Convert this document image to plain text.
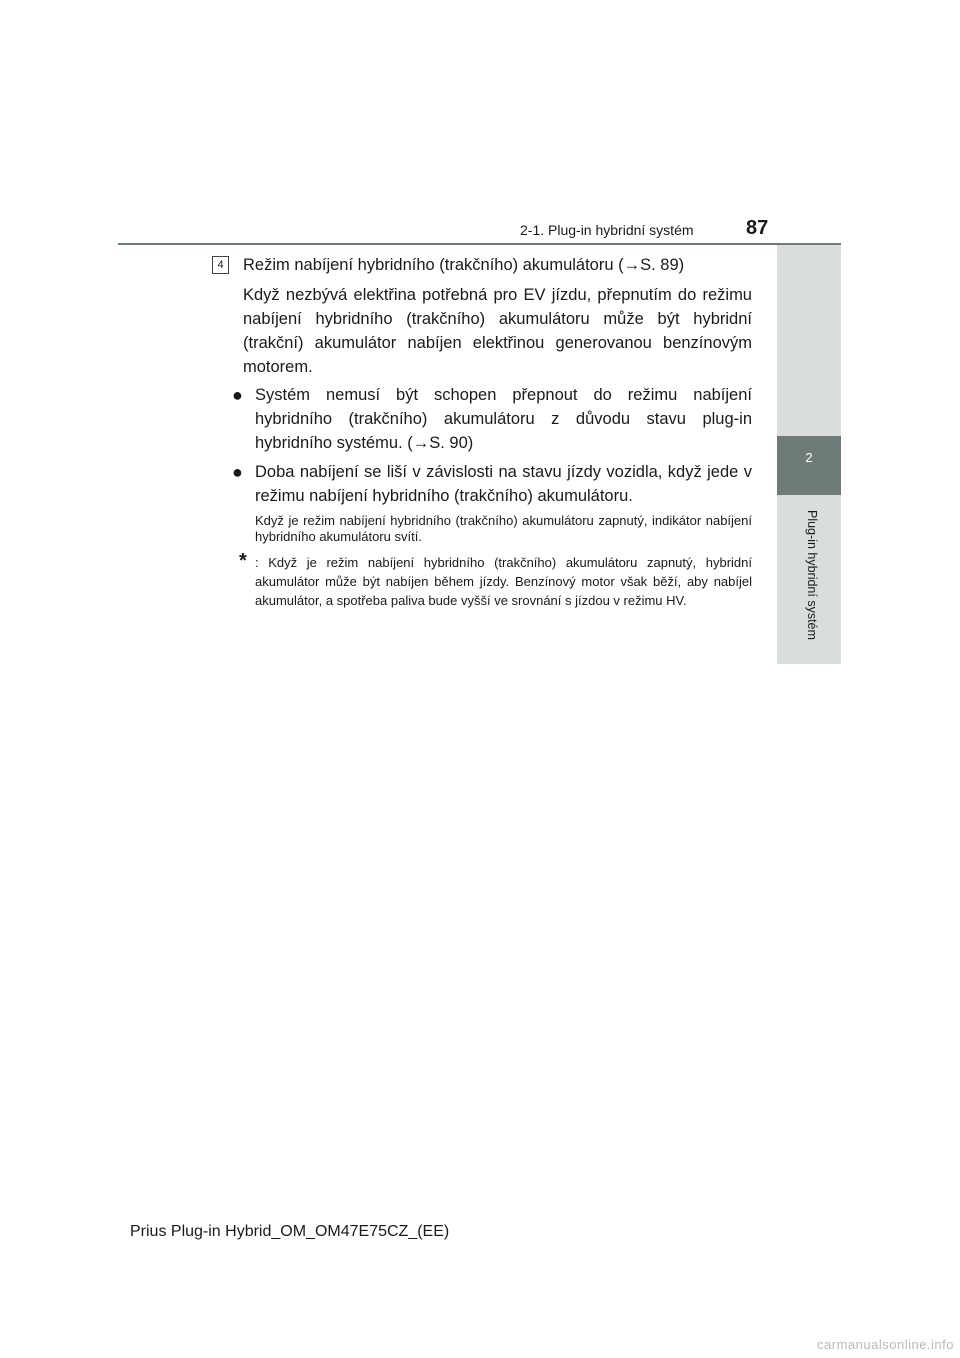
2-1. Plug-in hybridní systém	87
2
Plug-in hybridní systém
4	Režim nabíjení hybridního (trakčního) akumulátoru (→S. 89)
Když nezbývá elektřina potřebná pro EV jízdu, přepnutím do režimu nabíjení hybridního (trakčního) akumulátoru může být hybridní (trakční) akumulátor nabíjen elektřinou generovanou benzínovým motorem.
● Systém nemusí být schopen přepnout do režimu nabíjení hybridního (trakčního) akumulátoru z důvodu stavu plug-in hybridního systému. (→S. 90)
● Doba nabíjení se liší v závislosti na stavu jízdy vozidla, když jede v režimu nabíjení hybridního (trakčního) akumulátoru.
Když je režim nabíjení hybridního (trakčního) akumulátoru zapnutý, indikátor nabíjení hybridního akumulátoru svítí.
* : Když je režim nabíjení hybridního (trakčního) akumulátoru zapnutý, hybridní akumulátor může být nabíjen během jízdy. Benzínový motor však běží, aby nabíjel akumulátor, a spotřeba paliva bude vyšší ve srovnání s jízdou v režimu HV.
Prius Plug-in Hybrid_OM_OM47E75CZ_(EE)
carmanualsonline.info
